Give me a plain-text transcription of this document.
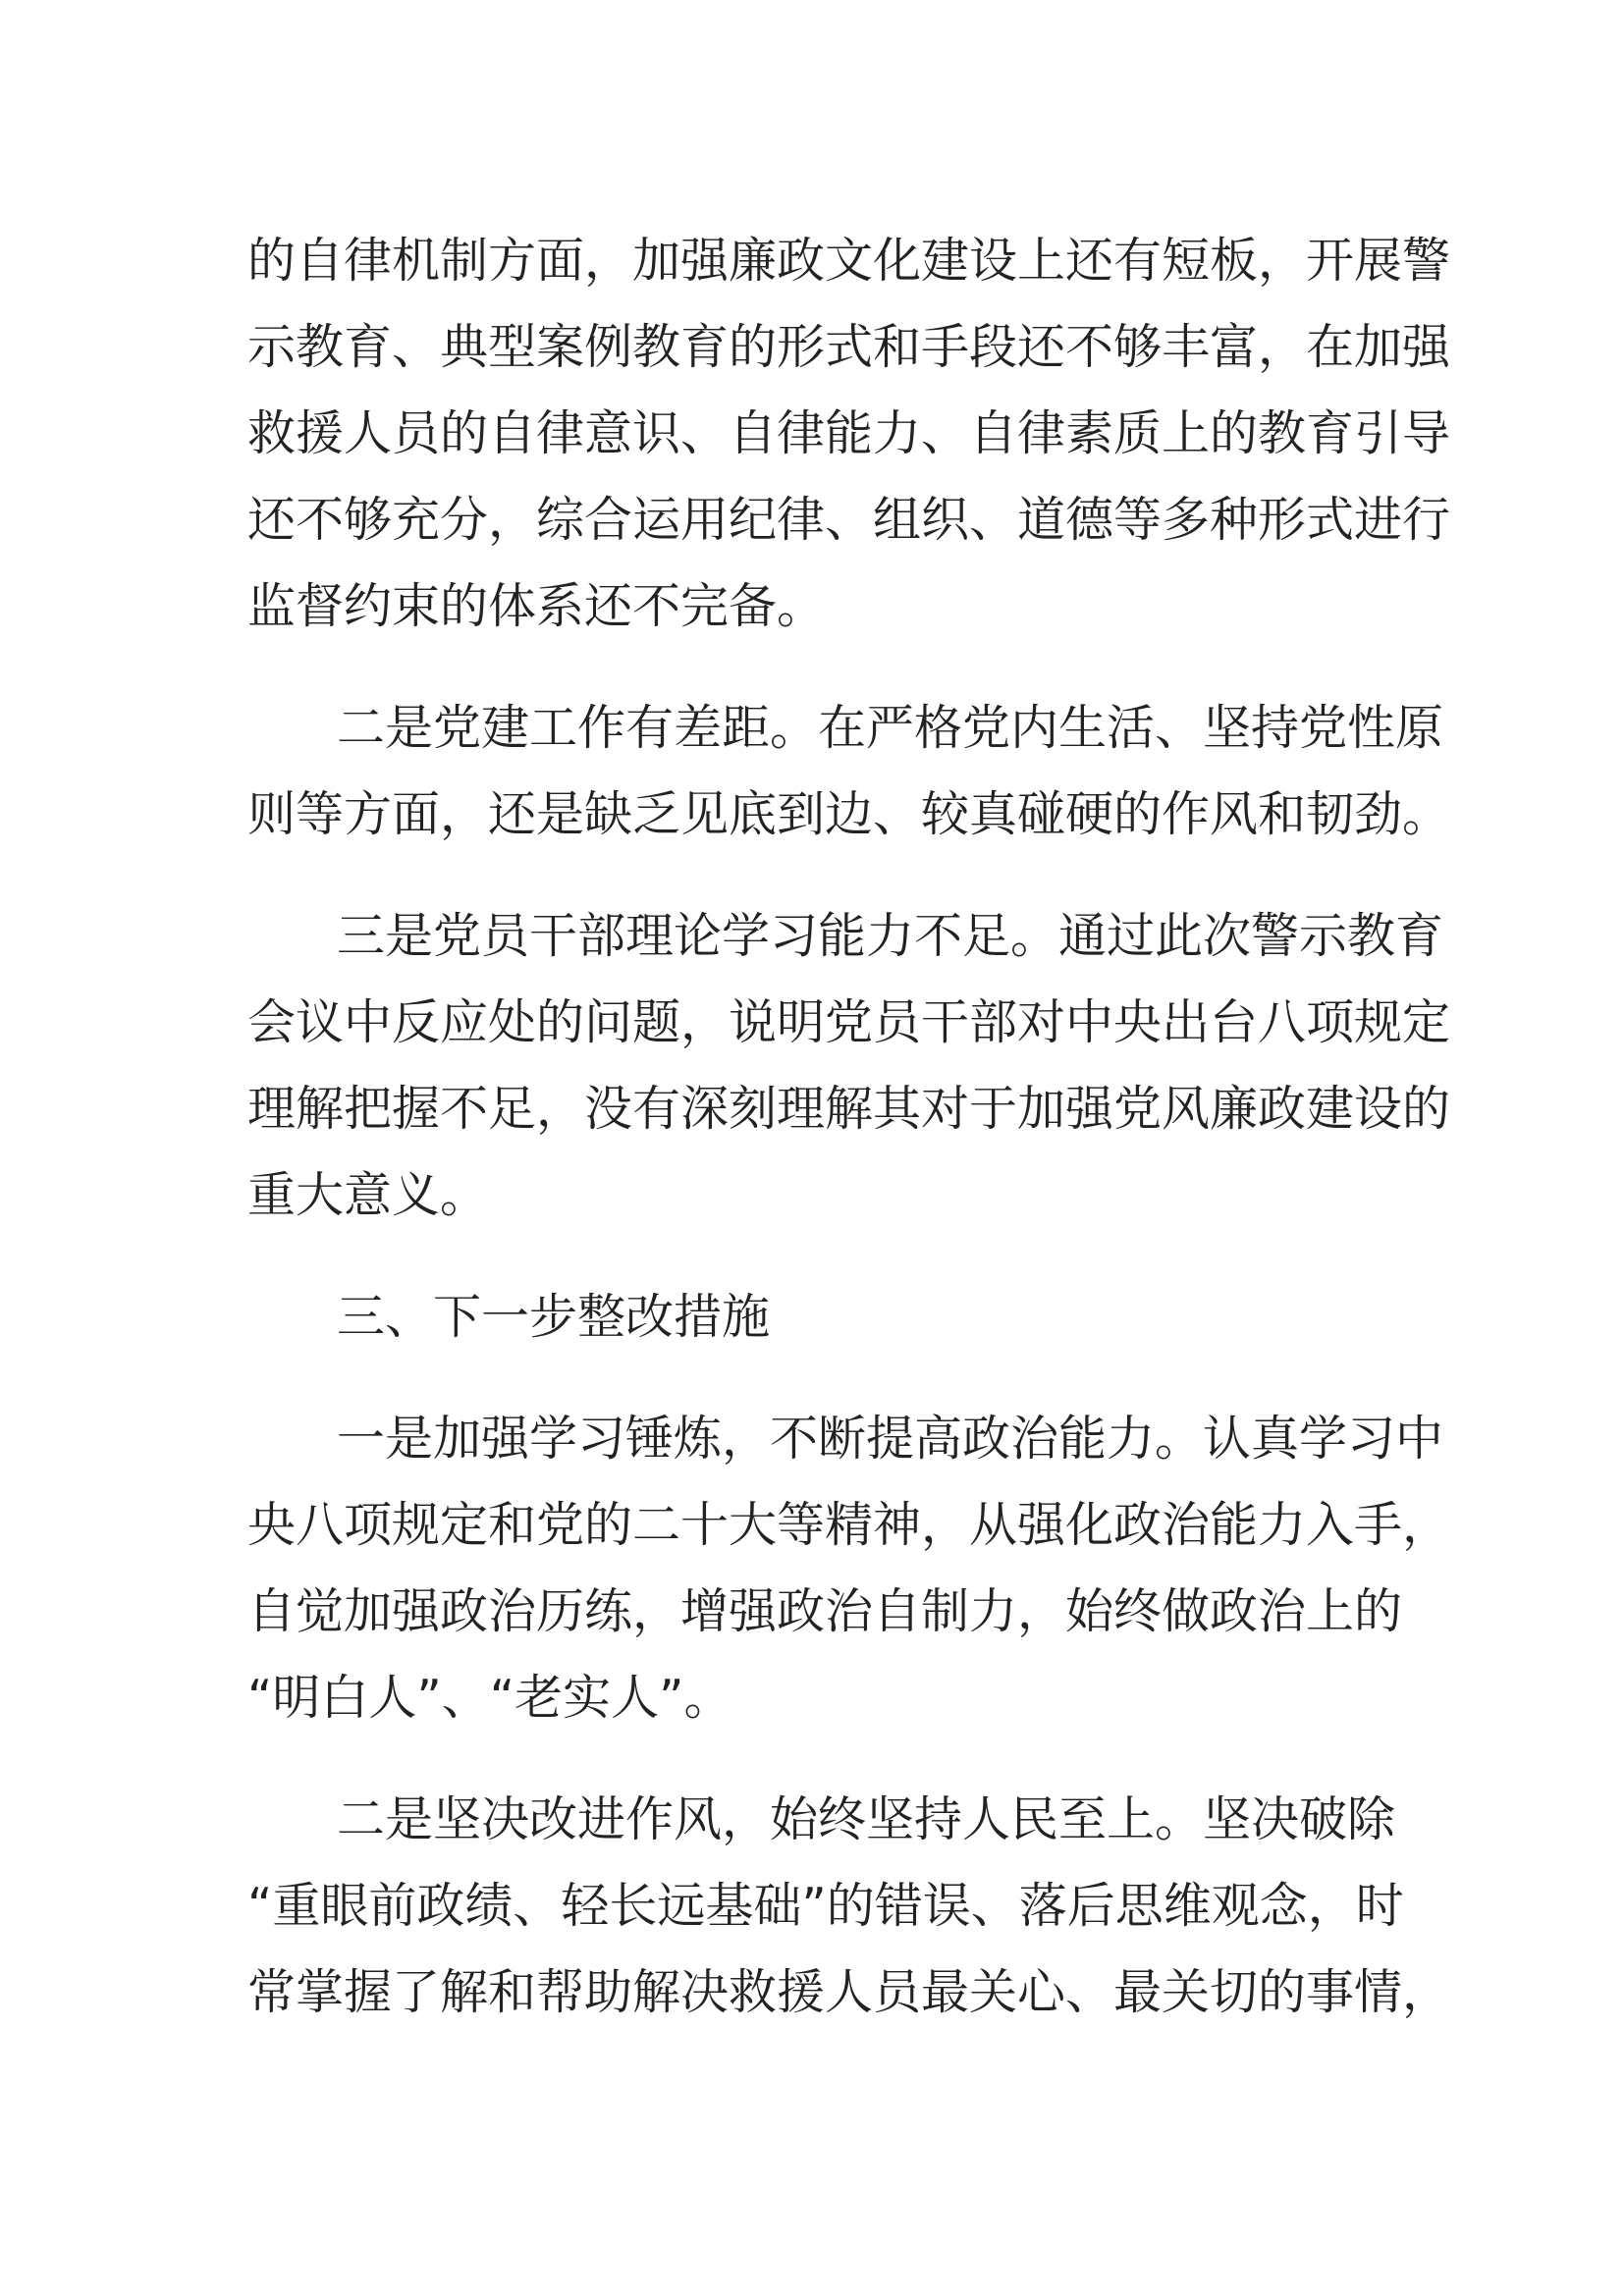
的自律机制方面，加强廉政文化建设上还有短板，开展警
示教育、典型案例教育的形式和手段还不够丰富，在加强
救援人员的自律意识、自律能力、自律素质上的教育引导
还不够充分，综合运用纪律、组织、道德等多种形式进行
监督约束的体系还不完备。
二是党建工作有差距。在严格党内生活、坚持党性原
则等方面，还是缺乏见底到边、较真碰硬的作风和韧劲。
三是党员干部理论学习能力不足。通过此次警示教育
会议中反应处的问题，说明党员干部对中央出台八项规定
理解把握不足，没有深刻理解其对于加强党风廉政建设的
重大意义。
三、下一步整改措施
一是加强学习锤炼，不断提高政治能力。认真学习中
央八项规定和党的二十大等精神，从强化政治能力入手，
自觉加强政治历练，增强政治自制力，始终做政治上的
“明白人”、“老实人”。
二是坚决改进作风，始终坚持人民至上。坚决破除
“重眼前政绩、轻长远基础”的错误、落后思维观念，时
常掌握了解和帮助解决救援人员最关心、最关切的事情，
